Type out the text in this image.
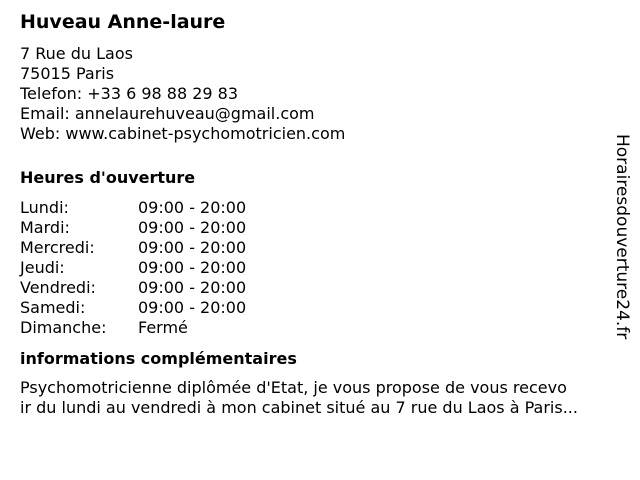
Huveau Anne-laure
7 Rue du Laos
75015 Paris
Telefon: +33 6 98 88 29 83
Email: annelaurehuveau@gmail.com
Web: www.cabinet-psychomotricien.com
Heures d'ouverture
Lundi:	09:00 - 20:00
Mardi:	09:00 - 20:00
Mercredi:	09:00 - 20:00
Jeudi:	09:00 - 20:00
Vendredi:	09:00 - 20:00
Samedi:	09:00 - 20:00
Dimanche: Fermé
informations complémentaires
Psychomotricienne diplômée d'Etat, je vous propose de vous recevo
ir du lundi au vendredi à mon cabinet situé au 7 rue du Laos à Paris...
Horairesdouverture24.fr
